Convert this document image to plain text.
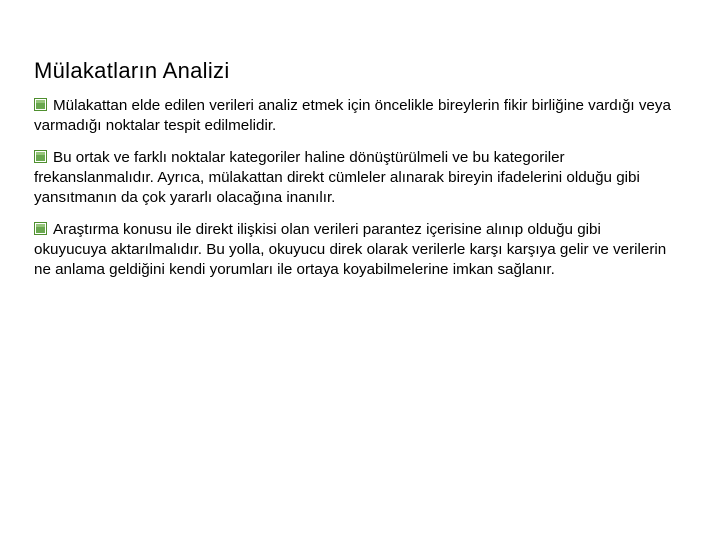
Mülakatların Analizi
Mülakattan elde edilen verileri analiz etmek için öncelikle bireylerin fikir birliğine vardığı veya varmadığı noktalar tespit edilmelidir.
Bu ortak ve farklı noktalar kategoriler haline dönüştürülmeli ve bu kategoriler frekanslanmalıdır. Ayrıca, mülakattan direkt cümleler alınarak bireyin ifadelerini olduğu gibi yansıtmanın da çok yararlı olacağına inanılır.
Araştırma konusu ile direkt ilişkisi olan verileri parantez içerisine alınıp olduğu gibi okuyucuya aktarılmalıdır. Bu yolla, okuyucu direk olarak verilerle karşı karşıya gelir ve verilerin ne anlama geldiğini kendi yorumları ile ortaya koyabilmelerine imkan sağlanır.
